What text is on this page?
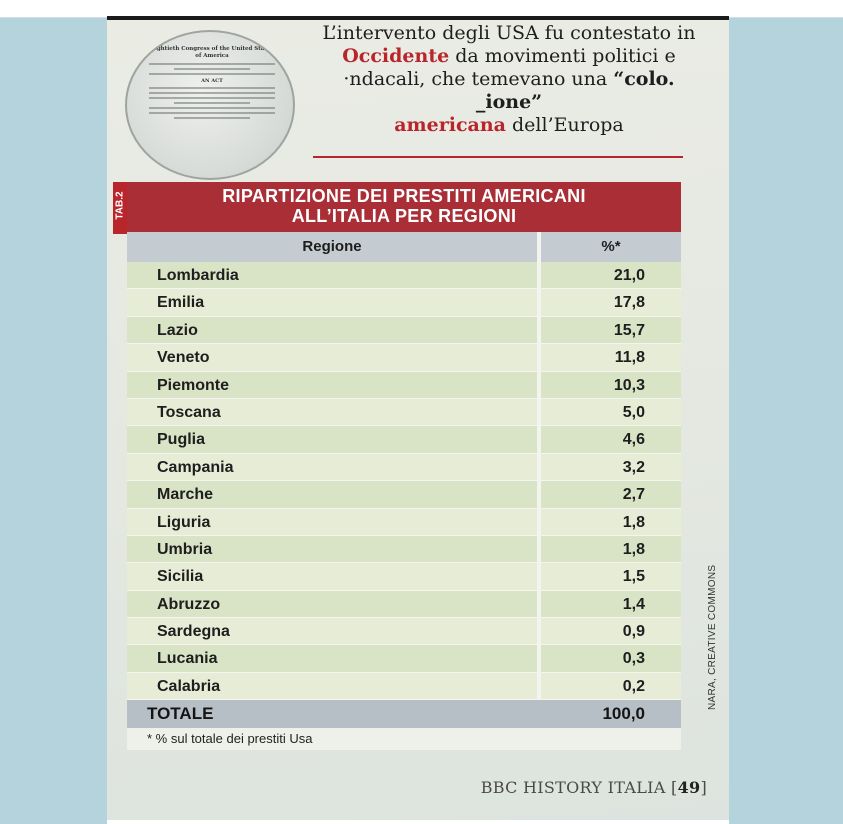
Eightieth Congress of the United States of America
AN ACT
L’intervento degli USA fu contestato in Occidente da movimenti politici e ·ndacali, che temevano una “colo. _ione”
americana dell’Europa
TAB.2	RIPARTIZIONE DEI PRESTITI AMERICANI
ALL’ITALIA PER REGIONI
Regione	%*
Lombardia	21,0
Emilia	17,8
Lazio	15,7
Veneto	11,8
Piemonte	10,3
Toscana	5,0
Puglia	4,6
Campania	3,2
Marche	2,7
Liguria	1,8
Umbria	1,8
Sicilia	1,5
Abruzzo	1,4
Sardegna	0,9
Lucania	0,3
Calabria	0,2
TOTALE	100,0
* % sul totale dei prestiti Usa
NARA, CREATIVE COMMONS
BBC HISTORY ITALIA [49]
